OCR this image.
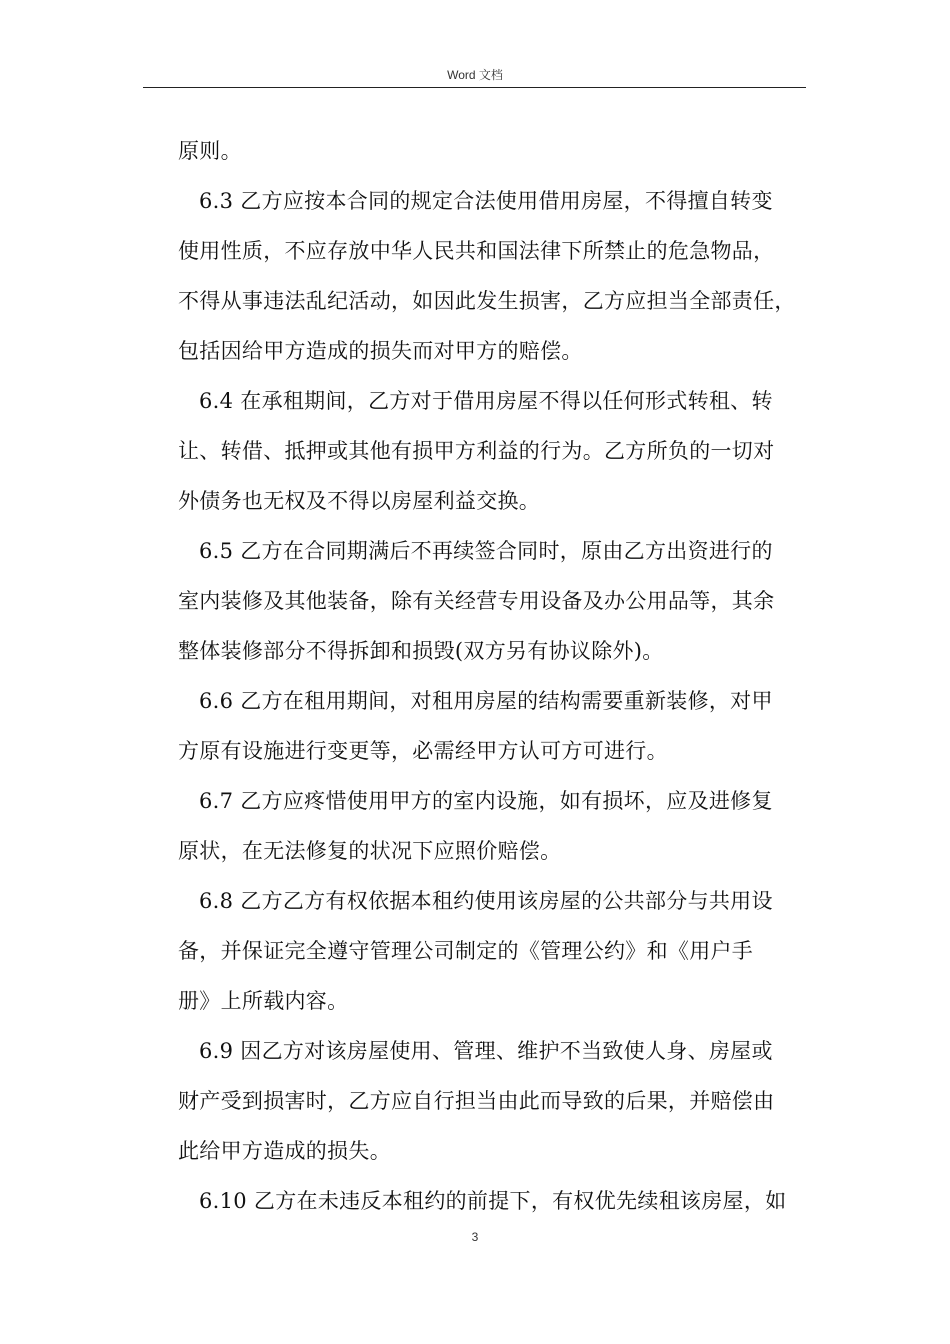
Word 文档
原则。
6.3 乙方应按本合同的规定合法使用借用房屋，不得擅自转变
使用性质，不应存放中华人民共和国法律下所禁止的危急物品，
不得从事违法乱纪活动，如因此发生损害，乙方应担当全部责任，
包括因给甲方造成的损失而对甲方的赔偿。
6.4 在承租期间，乙方对于借用房屋不得以任何形式转租、转
让、转借、抵押或其他有损甲方利益的行为。乙方所负的一切对
外债务也无权及不得以房屋利益交换。
6.5 乙方在合同期满后不再续签合同时，原由乙方出资进行的
室内装修及其他装备，除有关经营专用设备及办公用品等，其余
整体装修部分不得拆卸和损毁(双方另有协议除外)。
6.6 乙方在租用期间，对租用房屋的结构需要重新装修，对甲
方原有设施进行变更等，必需经甲方认可方可进行。
6.7 乙方应疼惜使用甲方的室内设施，如有损坏，应及进修复
原状，在无法修复的状况下应照价赔偿。
6.8 乙方乙方有权依据本租约使用该房屋的公共部分与共用设
备，并保证完全遵守管理公司制定的《管理公约》和《用户手
册》上所载内容。
6.9 因乙方对该房屋使用、管理、维护不当致使人身、房屋或
财产受到损害时，乙方应自行担当由此而导致的后果，并赔偿由
此给甲方造成的损失。
6.10 乙方在未违反本租约的前提下，有权优先续租该房屋，如
3
